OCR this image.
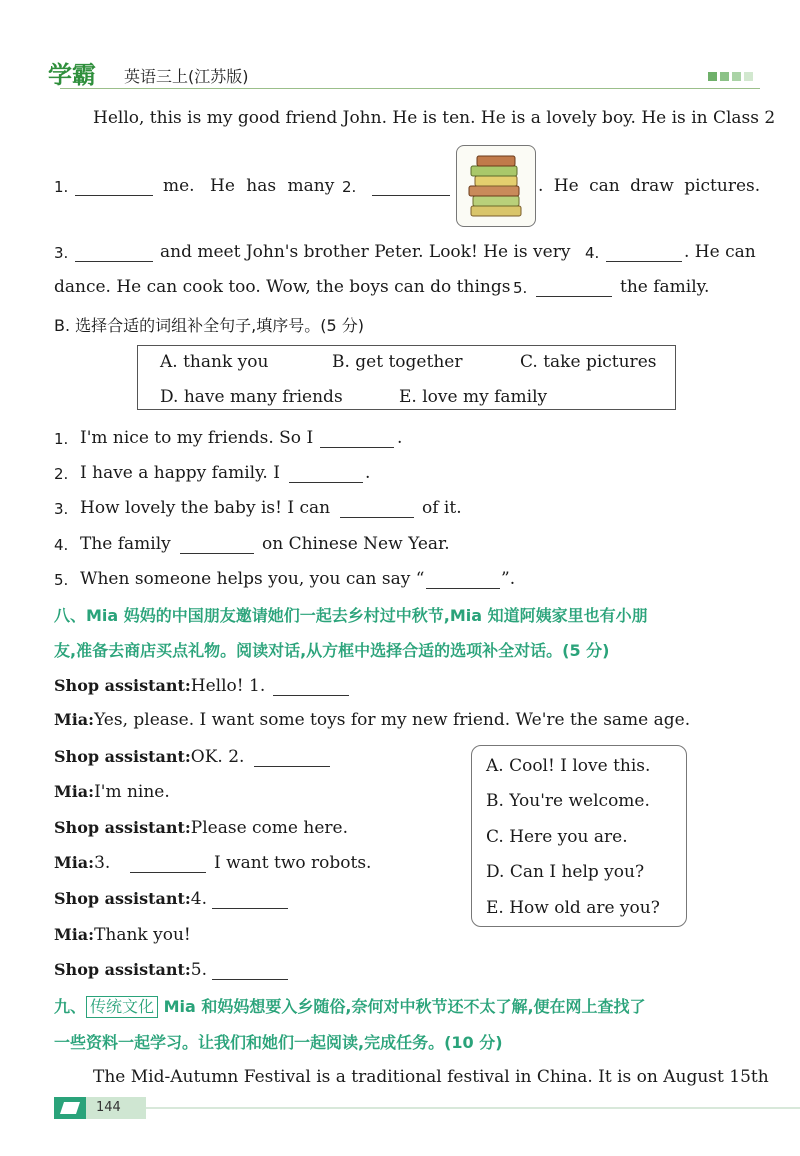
学霸 英语三上(江苏版)
Hello, this is my good friend John. He is ten. He is a lovely boy. He is in Class 2
1.	me. He has many 2.	. He can draw pictures.
3.	and meet John's brother Peter. Look! He is very 4.	. He can
dance. He can cook too. Wow, the boys can do things 5.	the family.
B. 选择合适的词组补全句子,填序号。(5 分)
A. thank you	B. get together	C. take pictures
D. have many friends	E. love my family
1. I'm nice to my friends. So I	.
2. I have a happy family. I	.
3. How lovely the baby is! I can	of it.
4. The family	on Chinese New Year.
5. When someone helps you, you can say “	”.
八、Mia 妈妈的中国朋友邀请她们一起去乡村过中秋节,Mia 知道阿姨家里也有小朋
友,准备去商店买点礼物。阅读对话,从方框中选择合适的选项补全对话。(5 分)
Shop assistant:Hello! 1.
Mia:Yes, please. I want some toys for my new friend. We're the same age.
Shop assistant:OK. 2.
Mia:I'm nine.
Shop assistant:Please come here.
Mia:3.	I want two robots.
Shop assistant:4.
Mia:Thank you!
Shop assistant:5.
A. Cool! I love this.
B. You're welcome.
C. Here you are.
D. Can I help you?
E. How old are you?
九、 传统文化 Mia 和妈妈想要入乡随俗,奈何对中秋节还不太了解,便在网上查找了
一些资料一起学习。让我们和她们一起阅读,完成任务。(10 分)
The Mid-Autumn Festival is a traditional festival in China. It is on August 15th
144
